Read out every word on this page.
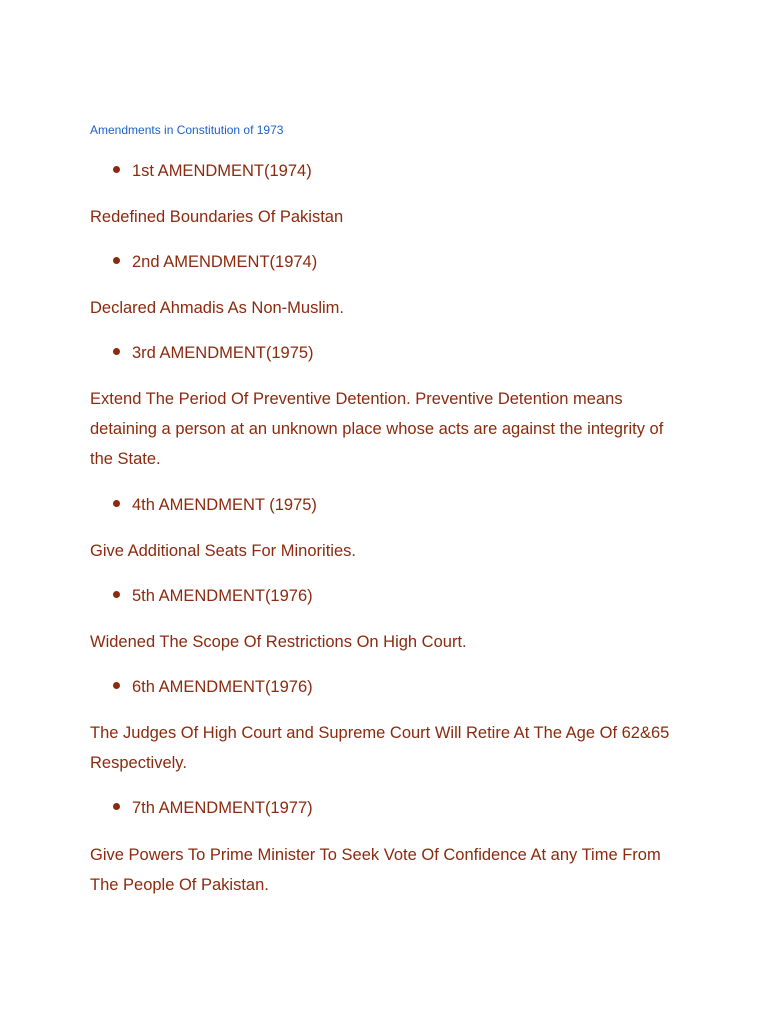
Amendments in Constitution of 1973
1st AMENDMENT(1974)
Redefined Boundaries Of Pakistan
2nd AMENDMENT(1974)
Declared Ahmadis As Non-Muslim.
3rd AMENDMENT(1975)
Extend The Period Of Preventive Detention. Preventive Detention means detaining a person at an unknown place whose acts are against the integrity of the State.
4th AMENDMENT (1975)
Give Additional Seats For Minorities.
5th AMENDMENT(1976)
Widened The Scope Of Restrictions On High Court.
6th AMENDMENT(1976)
The Judges Of High Court and Supreme Court Will Retire At The Age Of 62&65 Respectively.
7th AMENDMENT(1977)
Give Powers To Prime Minister To Seek Vote Of Confidence At any Time From The People Of Pakistan.
